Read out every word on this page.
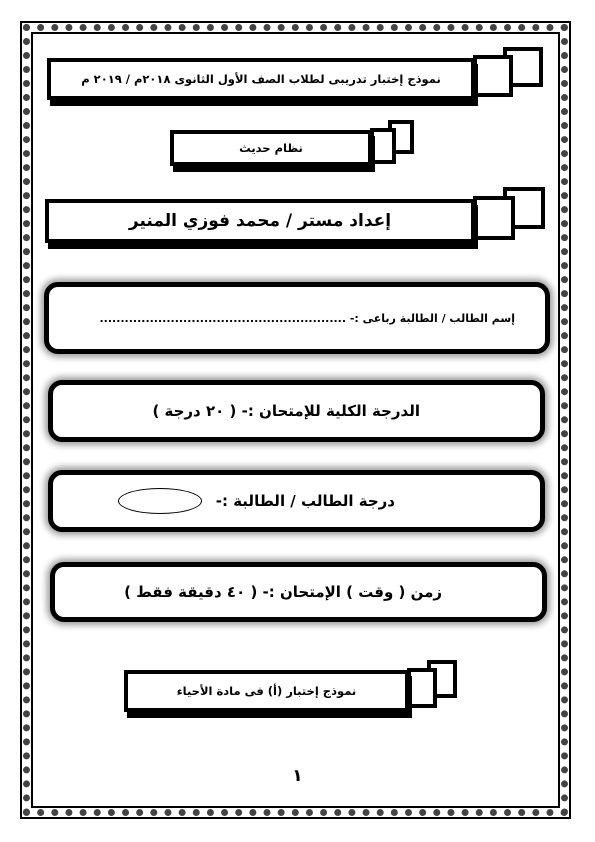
نموذج إختبار تدريبى لطلاب الصف الأول الثانوى ٢٠١٨م / ٢٠١٩ م
نظام حديث
إعداد مستر / محمد فوزي المنير
إسم الطالب / الطالبة رباعى :- ...........................................................
الدرجة الكلية للإمتحان :- ( ٢٠ درجة )
درجة الطالب / الطالبة :-
زمن ( وقت ) الإمتحان :- ( ٤٠ دقيقة فقط )
نموذج إختبار (أ) فى مادة الأحياء
١
